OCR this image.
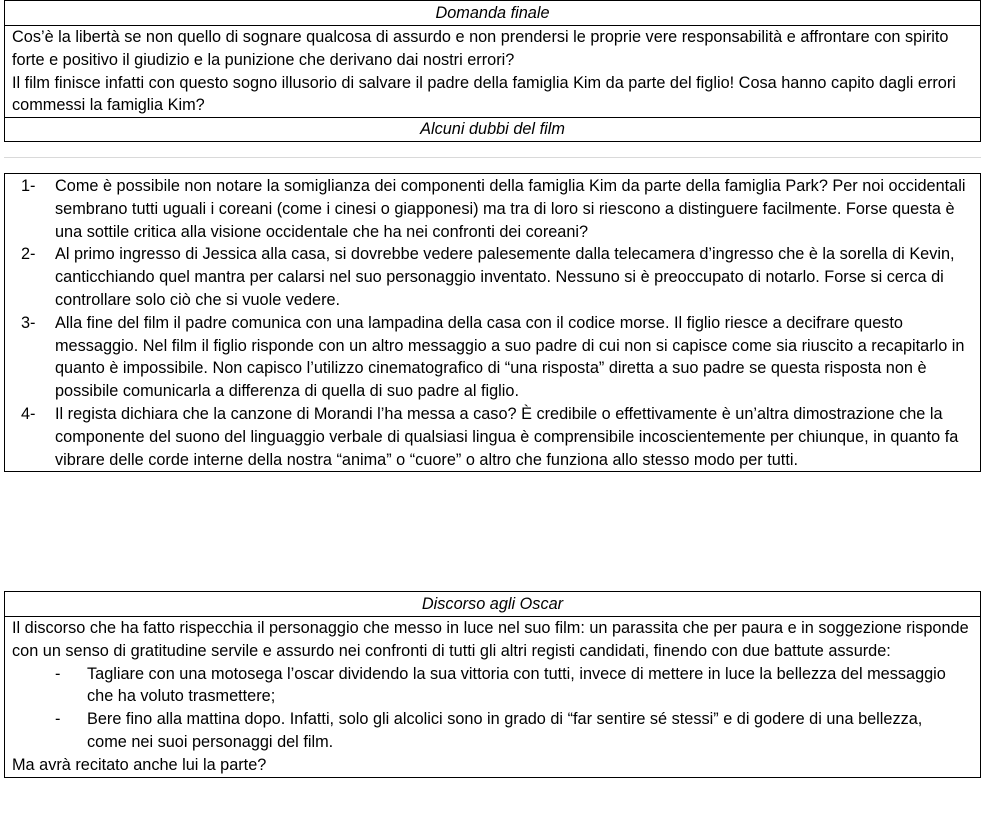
Domanda finale

Cos’è la libertà se non quello di sognare qualcosa di assurdo e non prendersi le proprie vere responsabilità e affrontare con spirito forte e positivo il giudizio e la punizione che derivano dai nostri errori?

Il film finisce infatti con questo sogno illusorio di salvare il padre della famiglia Kim da parte del figlio! Cosa hanno capito dagli errori commessi la famiglia Kim?

Alcuni dubbi del film
1- Come è possibile non notare la somiglianza dei componenti della famiglia Kim da parte della famiglia Park? Per noi occidentali sembrano tutti uguali i coreani (come i cinesi o giapponesi) ma tra di loro si riescono a distinguere facilmente. Forse questa è una sottile critica alla visione occidentale che ha nei confronti dei coreani?
2- Al primo ingresso di Jessica alla casa, si dovrebbe vedere palesemente dalla telecamera d’ingresso che è la sorella di Kevin, canticchiando quel mantra per calarsi nel suo personaggio inventato. Nessuno si è preoccupato di notarlo. Forse si cerca di controllare solo ciò che si vuole vedere.
3- Alla fine del film il padre comunica con una lampadina della casa con il codice morse. Il figlio riesce a decifrare questo messaggio. Nel film il figlio risponde con un altro messaggio a suo padre di cui non si capisce come sia riuscito a recapitarlo in quanto è impossibile. Non capisco l’utilizzo cinematografico di “una risposta” diretta a suo padre se questa risposta non è possibile comunicarla a differenza di quella di suo padre al figlio.
4- Il regista dichiara che la canzone di Morandi l’ha messa a caso? È credibile o effettivamente è un’altra dimostrazione che la componente del suono del linguaggio verbale di qualsiasi lingua è comprensibile incoscientemente per chiunque, in quanto fa vibrare delle corde interne della nostra “anima” o “cuore” o altro che funziona allo stesso modo per tutti.
Discorso agli Oscar

Il discorso che ha fatto rispecchia il personaggio che messo in luce nel suo film: un parassita che per paura e in soggezione risponde con un senso di gratitudine servile e assurdo nei confronti di tutti gli altri registi candidati, finendo con due battute assurde:

- Tagliare con una motosega l’oscar dividendo la sua vittoria con tutti, invece di mettere in luce la bellezza del messaggio che ha voluto trasmettere;
- Bere fino alla mattina dopo. Infatti, solo gli alcolici sono in grado di “far sentire sé stessi” e di godere di una bellezza, come nei suoi personaggi del film.

Ma avrà recitato anche lui la parte?
